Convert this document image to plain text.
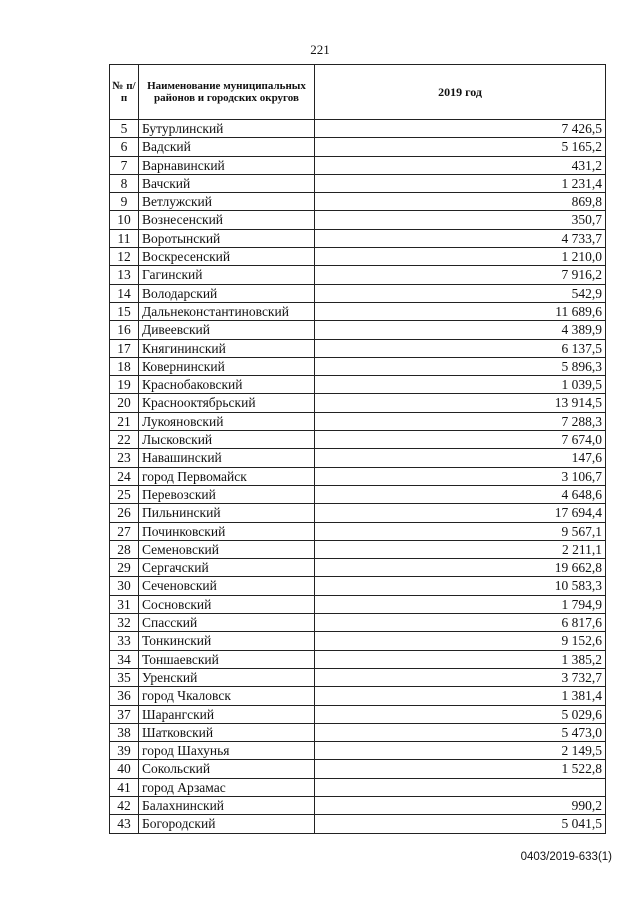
221
№ п/п	Наименование муниципальных районов и городских округов	2019 год
5	Бутурлинский	7 426,5
6	Вадский	5 165,2
7	Варнавинский	431,2
8	Вачский	1 231,4
9	Ветлужский	869,8
10	Вознесенский	350,7
11	Воротынский	4 733,7
12	Воскресенский	1 210,0
13	Гагинский	7 916,2
14	Володарский	542,9
15	Дальнеконстантиновский	11 689,6
16	Дивеевский	4 389,9
17	Княгининский	6 137,5
18	Ковернинский	5 896,3
19	Краснобаковский	1 039,5
20	Краснооктябрьский	13 914,5
21	Лукояновский	7 288,3
22	Лысковский	7 674,0
23	Навашинский	147,6
24	город Первомайск	3 106,7
25	Перевозский	4 648,6
26	Пильнинский	17 694,4
27	Починковский	9 567,1
28	Семеновский	2 211,1
29	Сергачский	19 662,8
30	Сеченовский	10 583,3
31	Сосновский	1 794,9
32	Спасский	6 817,6
33	Тонкинский	9 152,6
34	Тоншаевский	1 385,2
35	Уренский	3 732,7
36	город Чкаловск	1 381,4
37	Шарангский	5 029,6
38	Шатковский	5 473,0
39	город Шахунья	2 149,5
40	Сокольский	1 522,8
41	город Арзамас	
42	Балахнинский	990,2
43	Богородский	5 041,5
0403/2019-633(1)
